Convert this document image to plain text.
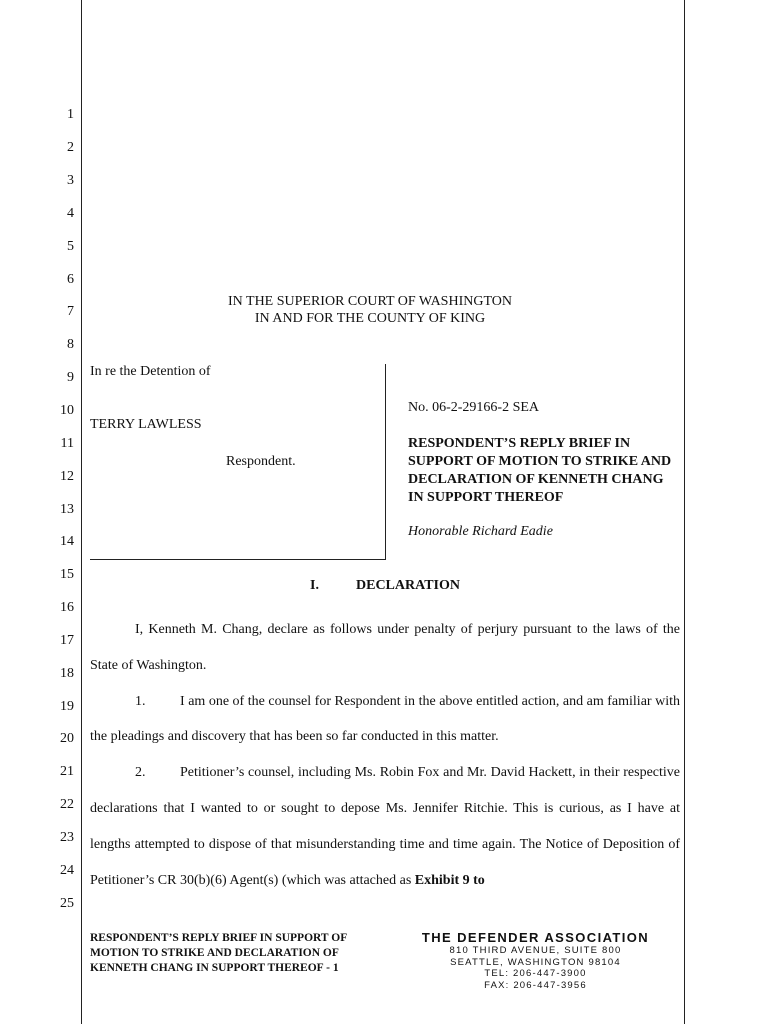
1
2
3
4
5
6
7
8
9
10
11
12
13
14
15
16
17
18
19
20
21
22
23
24
25
IN THE SUPERIOR COURT OF WASHINGTON
IN AND FOR THE COUNTY OF KING
In re the Detention of
TERRY LAWLESS
Respondent.
No. 06-2-29166-2 SEA
RESPONDENT’S REPLY BRIEF IN SUPPORT OF MOTION TO STRIKE AND DECLARATION OF KENNETH CHANG IN SUPPORT THEREOF
Honorable Richard Eadie
I.	DECLARATION

I, Kenneth M. Chang, declare as follows under penalty of perjury pursuant to the laws of the State of Washington.

1. I am one of the counsel for Respondent in the above entitled action, and am familiar with the pleadings and discovery that has been so far conducted in this matter.

2. Petitioner’s counsel, including Ms. Robin Fox and Mr. David Hackett, in their respective declarations that I wanted to or sought to depose Ms. Jennifer Ritchie. This is curious, as I have at lengths attempted to dispose of that misunderstanding time and time again. The Notice of Deposition of Petitioner’s CR 30(b)(6) Agent(s) (which was attached as Exhibit 9 to

RESPONDENT’S REPLY BRIEF IN SUPPORT OF
MOTION TO STRIKE AND DECLARATION OF
KENNETH CHANG IN SUPPORT THEREOF - 1
THE DEFENDER ASSOCIATION
810 THIRD AVENUE, SUITE 800
SEATTLE, WASHINGTON 98104
TEL: 206-447-3900
FAX: 206-447-3956
